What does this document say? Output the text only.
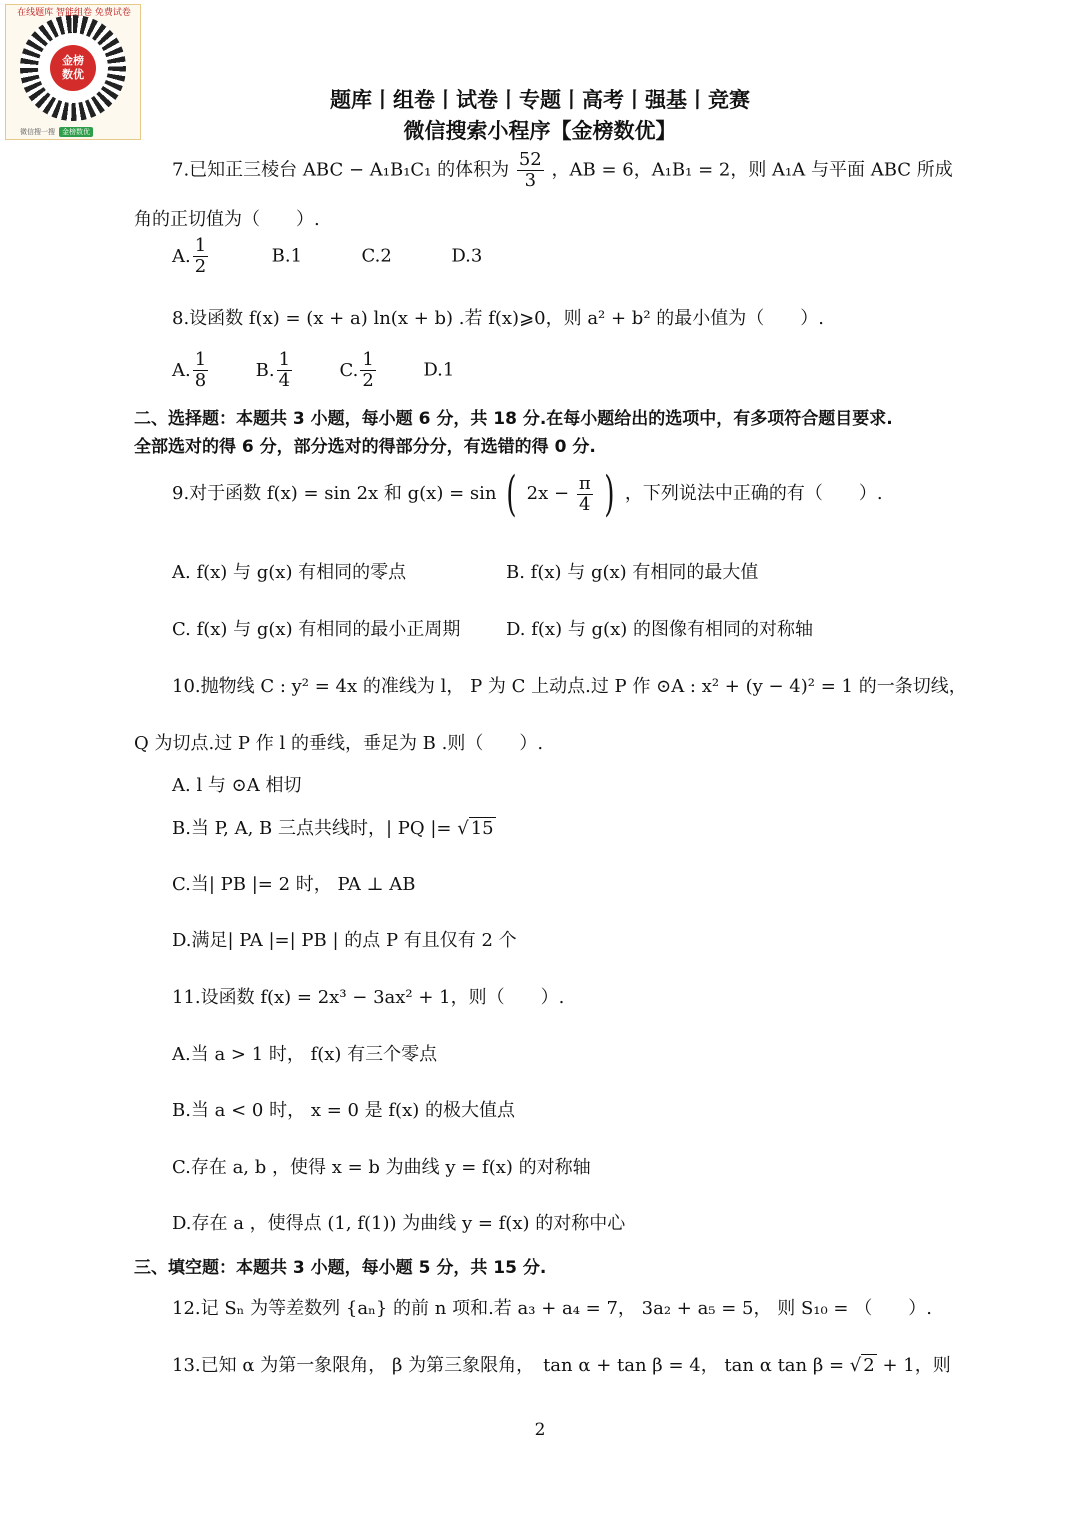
金榜
数优
在线题库 智能组卷 免费试卷
微信搜一搜	金榜数优
题库丨组卷丨试卷丨专题丨高考丨强基丨竞赛
微信搜索小程序【金榜数优】
7.已知正三棱台 ABC − A₁B₁C₁ 的体积为 $\frac{52}{3}$ ，AB = 6，A₁B₁ = 2，则 A₁A 与平面 ABC 所成
角的正切值为（　　）.
A. $\frac{1}{2}$	B.1	C.2	D.3
8.设函数 f(x) = (x + a) ln(x + b) .若 f(x)⩾0，则 a² + b² 的最小值为（　　）.
A. $\frac{1}{8}$	B. $\frac{1}{4}$	C. $\frac{1}{2}$	D.1
二、选择题：本题共 3 小题，每小题 6 分，共 18 分.在每小题给出的选项中，有多项符合题目要求.
全部选对的得 6 分，部分选对的得部分分，有选错的得 0 分.
9.对于函数 f(x) = sin 2x 和 g(x) = sin ( $2x - \frac{\pi}{4}$ ) ，下列说法中正确的有（　　）.
A. f(x) 与 g(x) 有相同的零点	B. f(x) 与 g(x) 有相同的最大值
C. f(x) 与 g(x) 有相同的最小正周期	D. f(x) 与 g(x) 的图像有相同的对称轴
10.抛物线 C : y² = 4x 的准线为 l， P 为 C 上动点.过 P 作 ⊙A : x² + (y − 4)² = 1 的一条切线，
Q 为切点.过 P 作 l 的垂线，垂足为 B .则（　　）.
A. l 与 ⊙A 相切
B.当 P, A, B 三点共线时，| PQ |= √ 15
C.当| PB |= 2 时， PA ⊥ AB
D.满足| PA |=| PB | 的点 P 有且仅有 2 个
11.设函数 f(x) = 2x³ − 3ax² + 1，则（　　）.
A.当 a > 1 时， f(x) 有三个零点
B.当 a < 0 时， x = 0 是 f(x) 的极大值点
C.存在 a, b ，使得 x = b 为曲线 y = f(x) 的对称轴
D.存在 a ，使得点 (1, f(1)) 为曲线 y = f(x) 的对称中心
三、填空题：本题共 3 小题，每小题 5 分，共 15 分.
12.记 Sₙ 为等差数列 {aₙ} 的前 n 项和.若 a₃ + a₄ = 7， 3a₂ + a₅ = 5， 则 S₁₀ = （　　）.
13.已知 α 为第一象限角， β 为第三象限角，　tan α + tan β = 4， tan α tan β = √ 2 + 1，则
2
